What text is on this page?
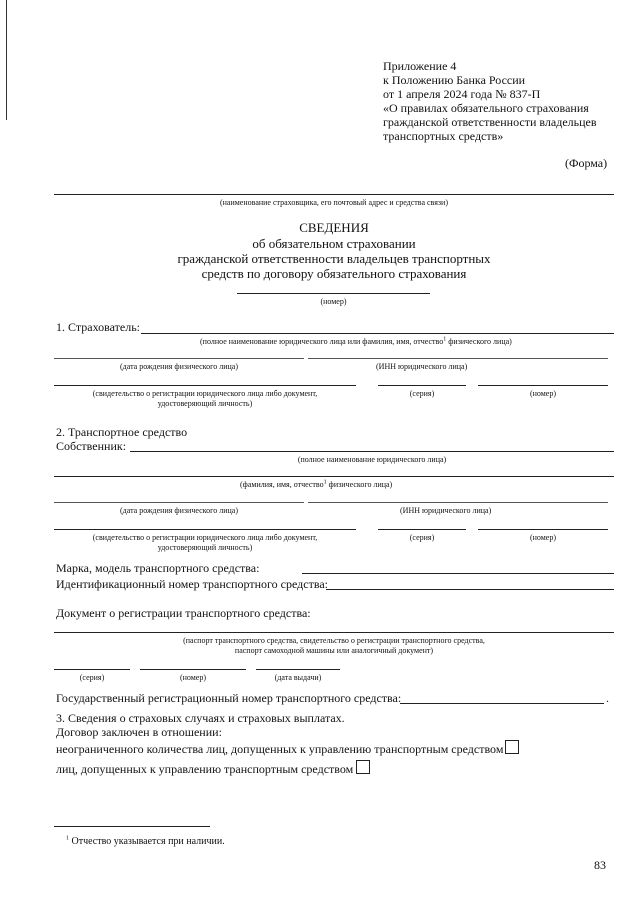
Приложение 4
к Положению Банка России
от 1 апреля 2024 года № 837-П
«О правилах обязательного страхования
гражданской ответственности владельцев
транспортных средств»
(Форма)
(наименование страховщика, его почтовый адрес и средства связи)
СВЕДЕНИЯ
об обязательном страховании
гражданской ответственности владельцев транспортных
средств по договору обязательного страхования
(номер)
1. Страхователь:
(полное наименование юридического лица или фамилия, имя, отчество$^1$ физического лица)
(дата рождения физического лица)	(ИНН юридического лица)
(свидетельство о регистрации юридического лица либо документ,
удостоверяющий личность)
(серия)	(номер)
2. Транспортное средство
Собственник:
(полное наименование юридического лица)
(фамилия, имя, отчество$^1$ физического лица)
(дата рождения физического лица)	(ИНН юридического лица)
(свидетельство о регистрации юридического лица либо документ,
удостоверяющий личность)
(серия)	(номер)
Марка, модель транспортного средства:
Идентификационный номер транспортного средства:
Документ о регистрации транспортного средства:
(паспорт транспортного средства, свидетельство о регистрации транспортного средства,
паспорт самоходной машины или аналогичный документ)
(серия)	(номер)	(дата выдачи)
Государственный регистрационный номер транспортного средства:	.
3. Сведения о страховых случаях и страховых выплатах.
Договор заключен в отношении:
неограниченного количества лиц, допущенных к управлению транспортным средством
лиц, допущенных к управлению транспортным средством
$^1$ Отчество указывается при наличии.
83
